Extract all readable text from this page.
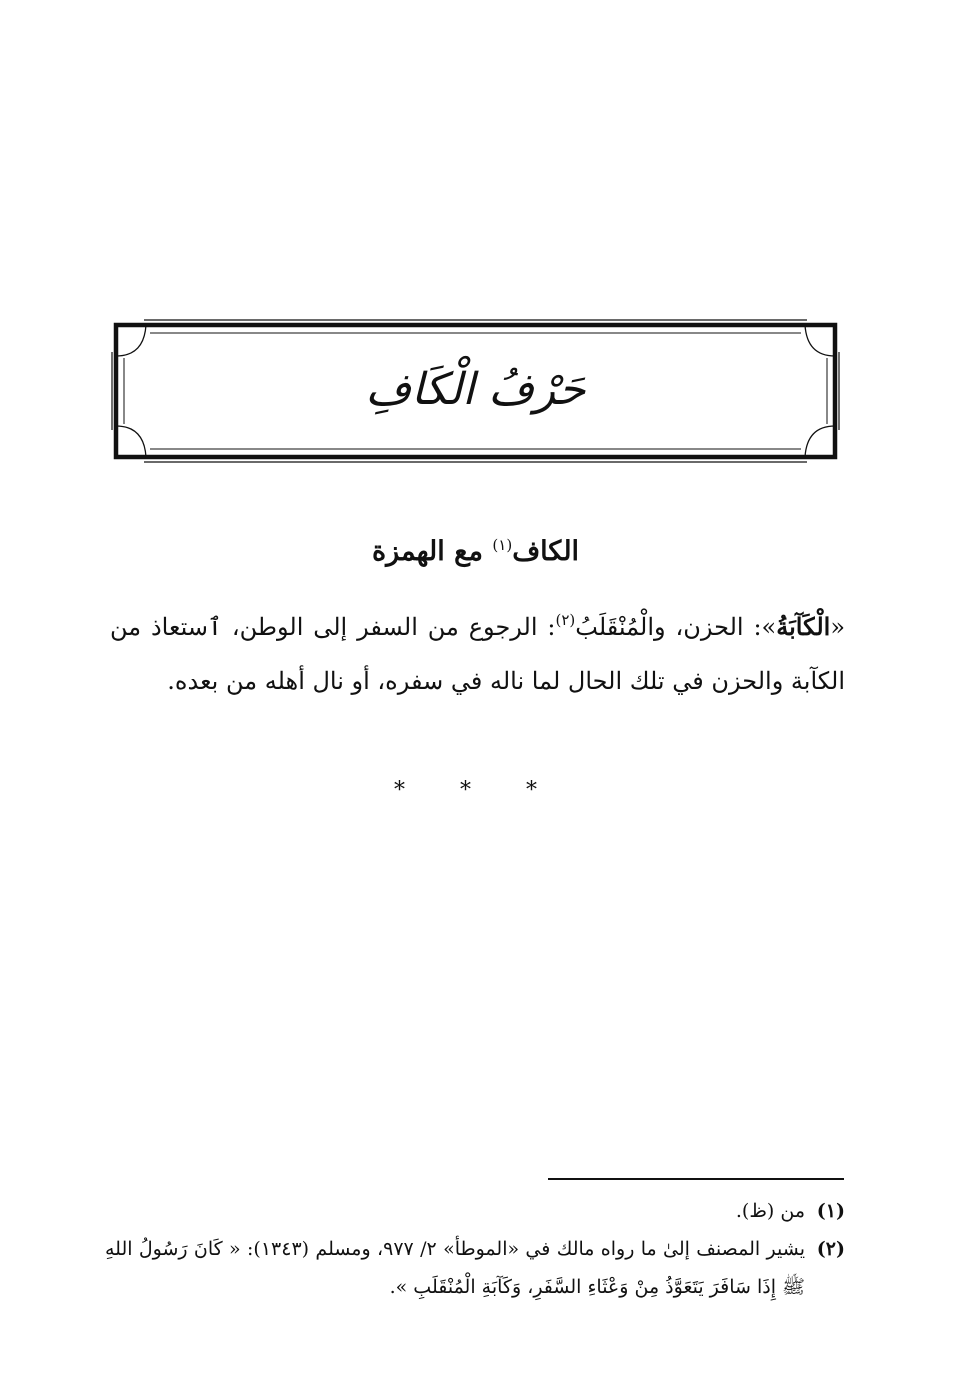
حَرْفُ الْكَافِ
الكاف$^{(١)}$ مع الهمزة
«الْكَآبَةُ»: الحزن، والْمُنْقَلَبُ$^{(٢)}$: الرجوع من السفر إلى الوطن، ٱستعاذ من الكآبة والحزن في تلك الحال لما ناله في سفره، أو نال أهله من بعده.
* * *
(١)
من (ظ).
(٢)
يشير المصنف إلىٰ ما رواه مالك في «الموطأ» ٢/ ٩٧٧، ومسلم (١٣٤٣): « كَانَ رَسُولُ اللهِ ﷺ إِذَا سَافَرَ يَتَعَوَّذُ مِنْ وَعْثَاءِ السَّفَرِ، وَكَآبَةِ الْمُنْقَلَبِ ».
